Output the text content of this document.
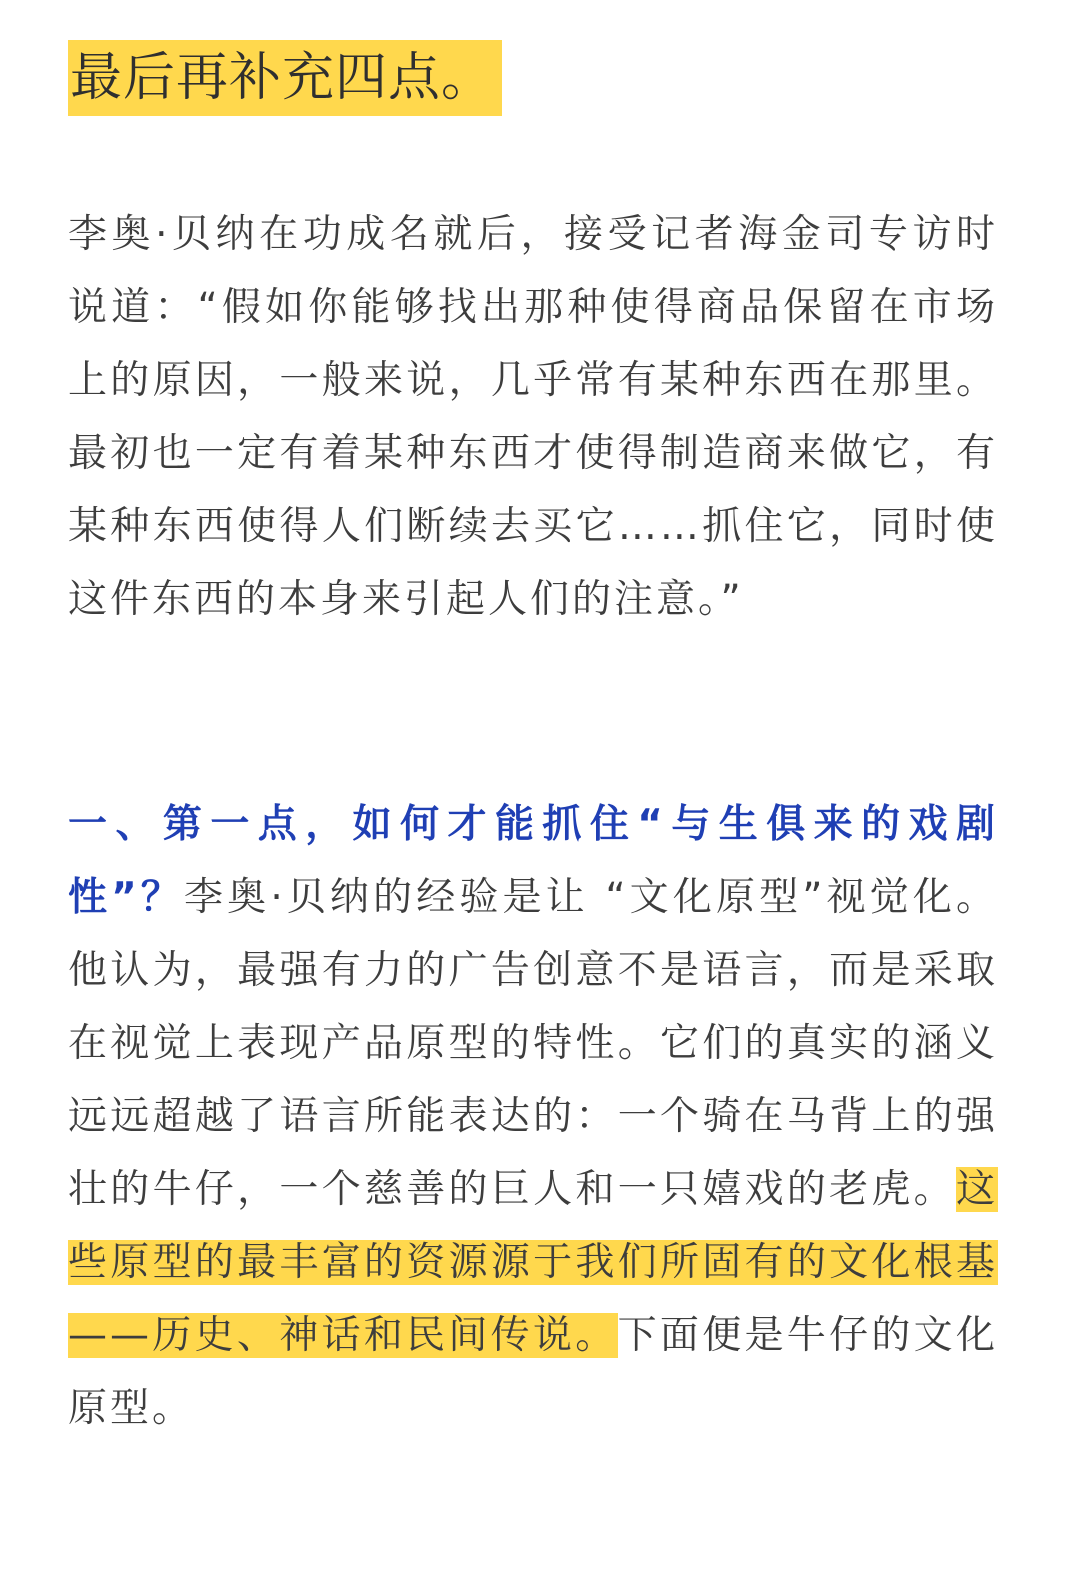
最后再补充四点。

李奥·贝纳在功成名就后，接受记者海金司专访时说道：“假如你能够找出那种使得商品保留在市场上的原因，一般来说，几乎常有某种东西在那里。最初也一定有着某种东西才使得制造商来做它，有某种东西使得人们断续去买它……抓住它，同时使这件东西的本身来引起人们的注意。”

一、第一点，如何才能抓住“与生俱来的戏剧性”？李奥·贝纳的经验是让 “文化原型”视觉化。他认为，最强有力的广告创意不是语言，而是采取在视觉上表现产品原型的特性。它们的真实的涵义远远超越了语言所能表达的：一个骑在马背上的强壮的牛仔，一个慈善的巨人和一只嬉戏的老虎。这些原型的最丰富的资源源于我们所固有的文化根基——历史、神话和民间传说。下面便是牛仔的文化原型。
